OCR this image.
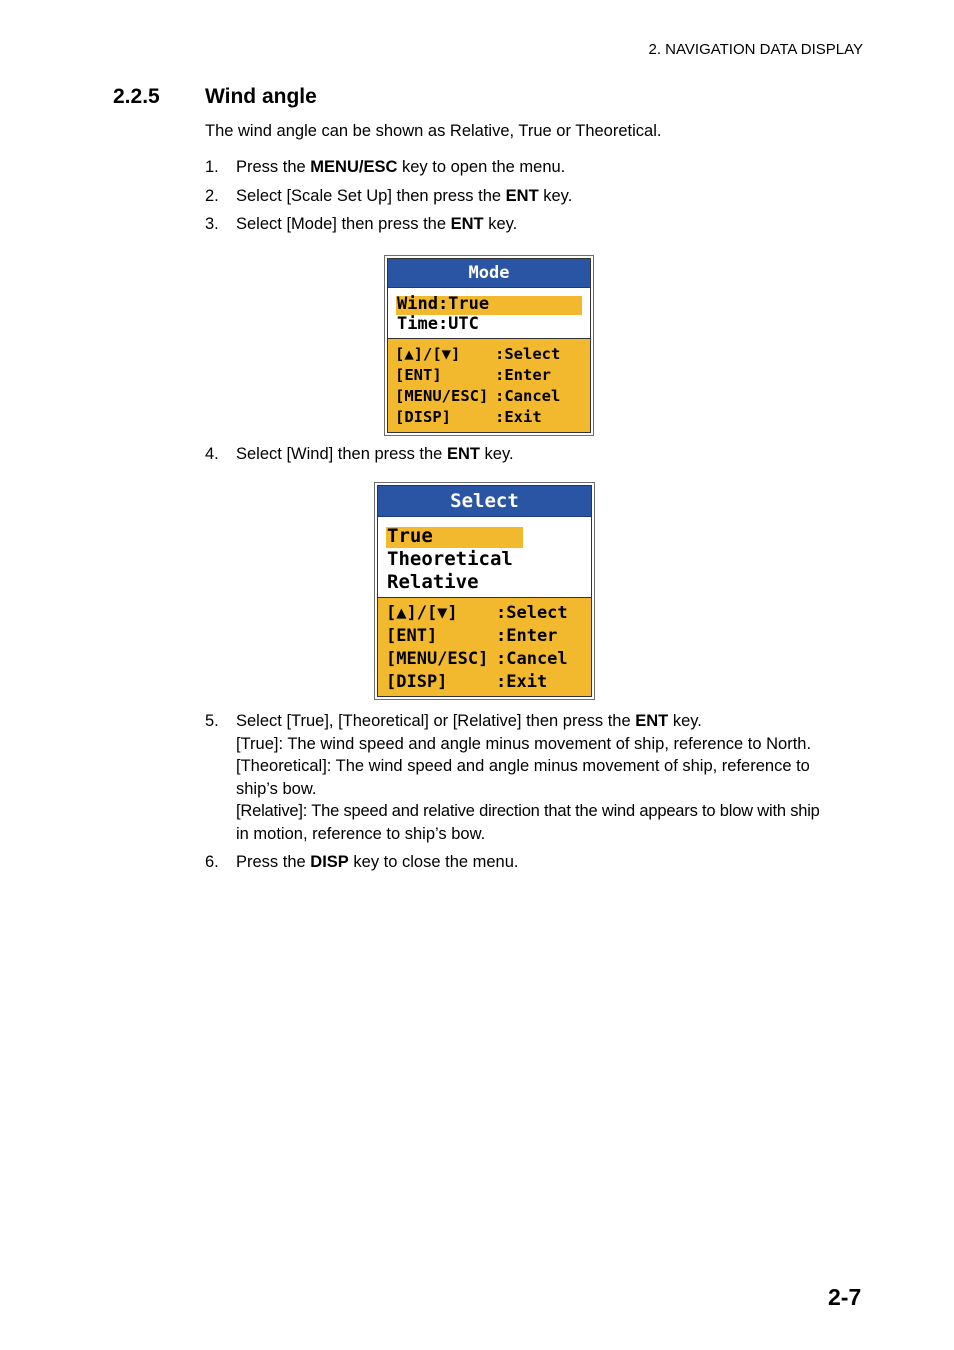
2. NAVIGATION DATA DISPLAY
2.2.5 Wind angle
The wind angle can be shown as Relative, True or Theoretical.
1. Press the MENU/ESC key to open the menu.
2. Select [Scale Set Up] then press the ENT key.
3. Select [Mode] then press the ENT key.
Mode
Wind:True
Time:UTC
[▲]/[▼] :Select
[ENT]	:Enter
[MENU/ESC] :Cancel
[DISP]	:Exit
4. Select [Wind] then press the ENT key.
Select
True
Theoretical
Relative
[▲]/[▼] :Select
[ENT]	:Enter
[MENU/ESC] :Cancel
[DISP]	:Exit
5. Select [True], [Theoretical] or [Relative] then press the ENT key.
[True]: The wind speed and angle minus movement of ship, reference to North.
[Theoretical]: The wind speed and angle minus movement of ship, reference to
ship’s bow.
[Relative]: The speed and relative direction that the wind appears to blow with ship
in motion, reference to ship’s bow.
6. Press the DISP key to close the menu.
2-7
